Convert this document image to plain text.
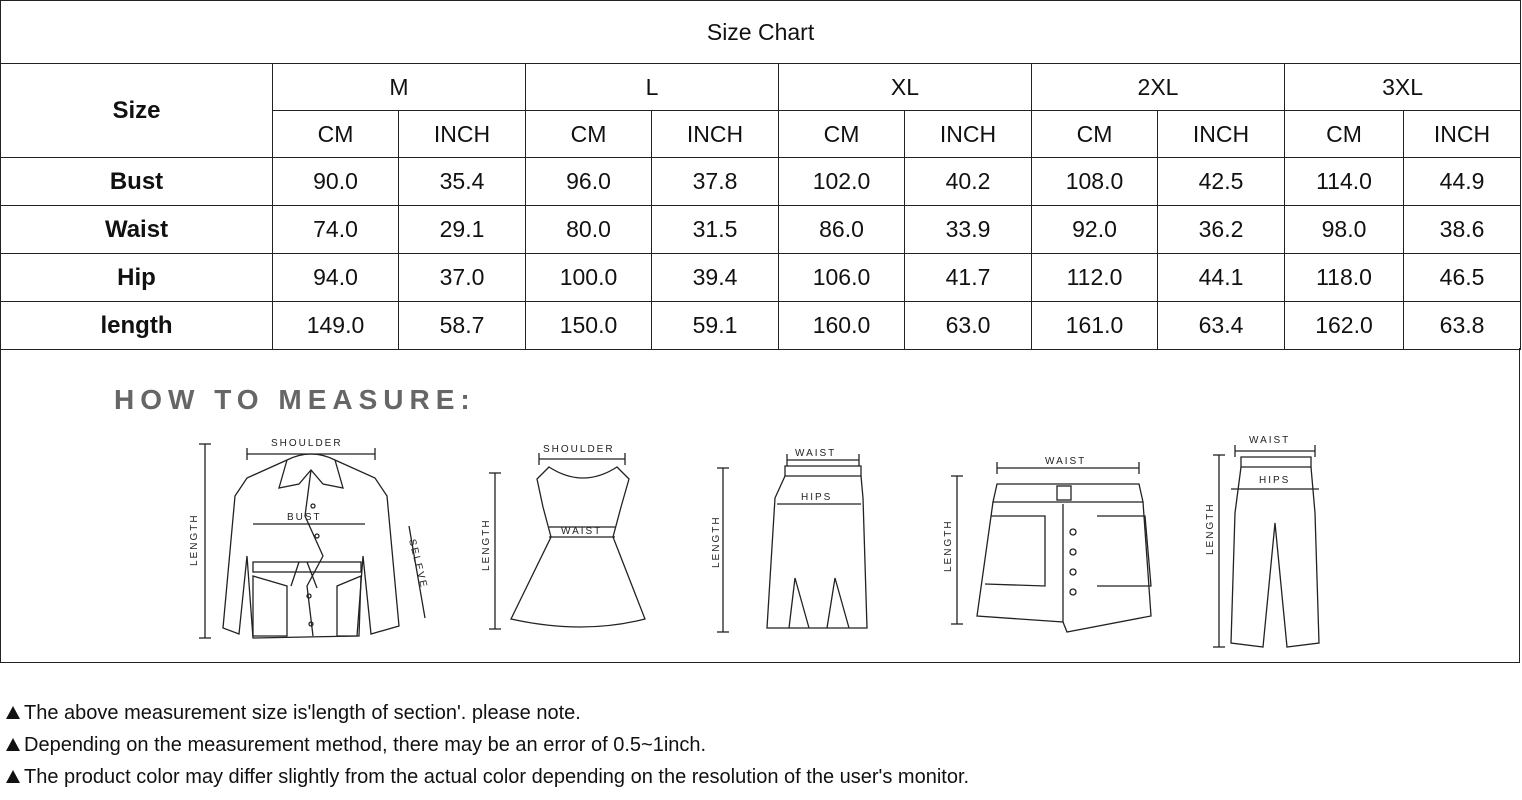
Size Chart										
Size	M		L		XL		2XL		3XL	
	CM	INCH	CM	INCH	CM	INCH	CM	INCH	CM	INCH
Bust	90.0	35.4	96.0	37.8	102.0	40.2	108.0	42.5	114.0	44.9
Waist	74.0	29.1	80.0	31.5	86.0	33.9	92.0	36.2	98.0	38.6
Hip	94.0	37.0	100.0	39.4	106.0	41.7	112.0	44.1	118.0	46.5
length	149.0	58.7	150.0	59.1	160.0	63.0	161.0	63.4	162.0	63.8
HOW TO MEASURE:
SHOULDER
BUST
LENGTH	SELEVE
SHOULDER
WAIST
LENGTH
WAIST
HIPS
LENGTH
WAIST
LENGTH
WAIST
HIPS
LENGTH
The above measurement size is'length of section'. please note.
Depending on the measurement method, there may be an error of 0.5~1inch.
The product color may differ slightly from the actual color depending on the resolution of the user's monitor.
